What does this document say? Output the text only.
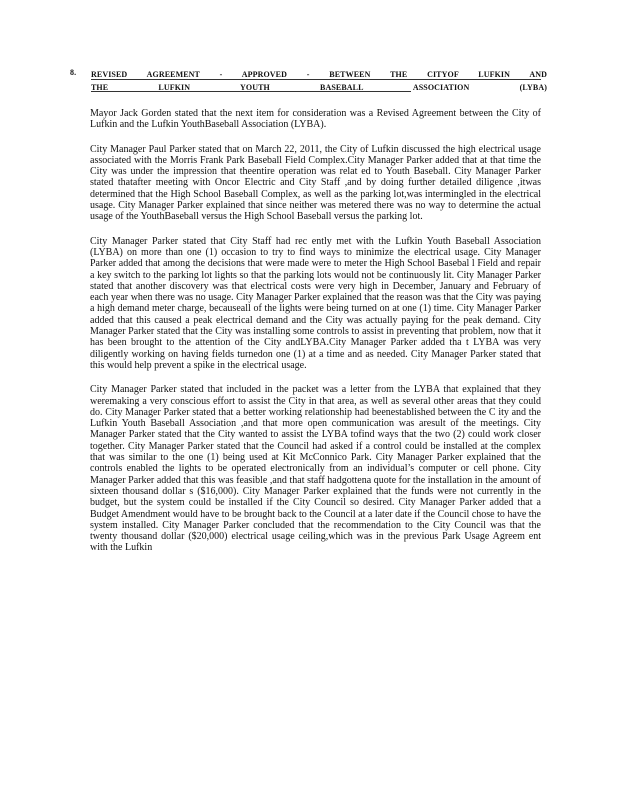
8. REVISED AGREEMENT - APPROVED - BETWEEN THE CITYOF LUFKIN AND
THE LUFKIN YOUTH BASEBALL ASSOCIATION (LYBA)

Mayor Jack Gorden stated that the next item for consideration was a Revised Agreement between the City of Lufkin and the Lufkin YouthBaseball Association (LYBA).

City Manager Paul Parker stated that on March 22, 2011, the City of Lufkin discussed the high electrical usage associated with the Morris Frank Park Baseball Field Complex.City Manager Parker added that at that time the City was under the impression that theentire operation was relat ed to Youth Baseball. City Manager Parker stated thatafter meeting with Oncor Electric and City Staff ,and by doing further detailed diligence ,itwas determined that the High School Baseball Complex, as well as the parking lot,was intermingled in the electrical usage. City Manager Parker explained that since neither was metered there was no way to determine the actual usage of the YouthBaseball versus the High School Baseball versus the parking lot.

City Manager Parker stated that City Staff had rec ently met with the Lufkin Youth Baseball Association (LYBA) on more than one (1) occasion to try to find ways to minimize the electrical usage. City Manager Parker added that among the decisions that were made were to meter the High School Basebal l Field and repair a key switch to the parking lot lights so that the parking lots would not be continuously lit. City Manager Parker stated that another discovery was that electrical costs were very high in December, January and February of each year when there was no usage. City Manager Parker explained that the reason was that the City was paying a high demand meter charge, becauseall of the lights were being turned on at one (1) time. City Manager Parker added that this caused a peak electrical demand and the City was actually paying for the peak demand. City Manager Parker stated that the City was installing some controls to assist in preventing that problem, now that it has been brought to the attention of the City andLYBA.City Manager Parker added tha t LYBA was very diligently working on having fields turnedon one (1) at a time and as needed. City Manager Parker stated that this would help prevent a spike in the electrical usage.

City Manager Parker stated that included in the packet was a letter from the LYBA that explained that they weremaking a very conscious effort to assist the City in that area, as well as several other areas that they could do. City Manager Parker stated that a better working relationship had beenestablished between the C ity and the Lufkin Youth Baseball Association ,and that more open communication was aresult of the meetings. City Manager Parker stated that the City wanted to assist the LYBA tofind ways that the two (2) could work closer together. City Manager Parker stated that the Council had asked if a control could be installed at the complex that was similar to the one (1) being used at Kit McConnico Park. City Manager Parker explained that the controls enabled the lights to be operated electronically from an individual’s computer or cell phone. City Manager Parker added that this was feasible ,and that staff hadgottena quote for the installation in the amount of sixteen thousand dollar s ($16,000). City Manager Parker explained that the funds were not currently in the budget, but the system could be installed if the City Council so desired. City Manager Parker added that a Budget Amendment would have to be brought back to the Council at a later date if the Council chose to have the system installed. City Manager Parker concluded that the recommendation to the City Council was that the twenty thousand dollar ($20,000) electrical usage ceiling,which was in the previous Park Usage Agreem ent with the Lufkin
